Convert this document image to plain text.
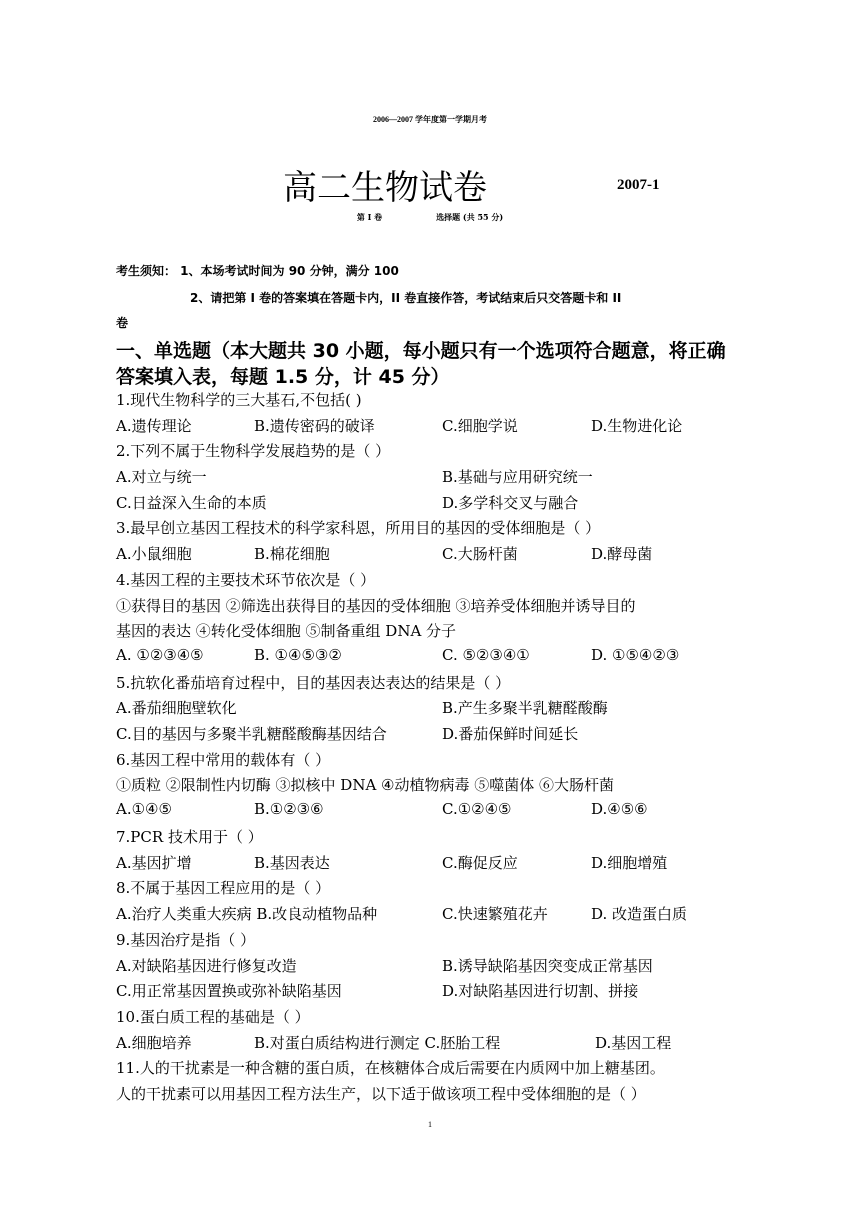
2006—2007 学年度第一学期月考
高二生物试卷	2007-1
第 I 卷	选择题 (共 55 分)
考生须知： 1、本场考试时间为 90 分钟，满分 100
2、请把第 I 卷的答案填在答题卡内，II 卷直接作答，考试结束后只交答题卡和 II
卷
一、单选题（本大题共 30 小题，每小题只有一个选项符合题意，将正确
答案填入表，每题 1.5 分，计 45 分）
1.现代生物科学的三大基石,不包括( )
A.遗传理论	B.遗传密码的破译	C.细胞学说	D.生物进化论
2.下列不属于生物科学发展趋势的是（ ）
A.对立与统一	B.基础与应用研究统一
C.日益深入生命的本质	D.多学科交叉与融合
3.最早创立基因工程技术的科学家科恩，所用目的基因的受体细胞是（ ）
A.小鼠细胞	B.棉花细胞	C.大肠杆菌	D.酵母菌
4.基因工程的主要技术环节依次是（ ）
①获得目的基因 ②筛选出获得目的基因的受体细胞 ③培养受体细胞并诱导目的
基因的表达 ④转化受体细胞 ⑤制备重组 DNA 分子
A. ①②③④⑤	B. ①④⑤③②	C. ⑤②③④①	D. ①⑤④②③
5.抗软化番茄培育过程中，目的基因表达表达的结果是（ ）
A.番茄细胞壁软化	B.产生多聚半乳糖醛酸酶
C.目的基因与多聚半乳糖醛酸酶基因结合	D.番茄保鲜时间延长
6.基因工程中常用的载体有（ ）
①质粒 ②限制性内切酶 ③拟核中 DNA ④动植物病毒 ⑤噬菌体 ⑥大肠杆菌
A.①④⑤	B.①②③⑥	C.①②④⑤	D.④⑤⑥
7.PCR 技术用于（ ）
A.基因扩增	B.基因表达	C.酶促反应	D.细胞增殖
8.不属于基因工程应用的是（ ）
A.治疗人类重大疾病 B.改良动植物品种	C.快速繁殖花卉	D. 改造蛋白质
9.基因治疗是指（ ）
A.对缺陷基因进行修复改造	B.诱导缺陷基因突变成正常基因
C.用正常基因置换或弥补缺陷基因	D.对缺陷基因进行切割、拼接
10.蛋白质工程的基础是（ ）
A.细胞培养	B.对蛋白质结构进行测定 C.胚胎工程	D.基因工程
11.人的干扰素是一种含糖的蛋白质，在核糖体合成后需要在内质网中加上糖基团。
人的干扰素可以用基因工程方法生产，以下适于做该项工程中受体细胞的是（ ）
1
